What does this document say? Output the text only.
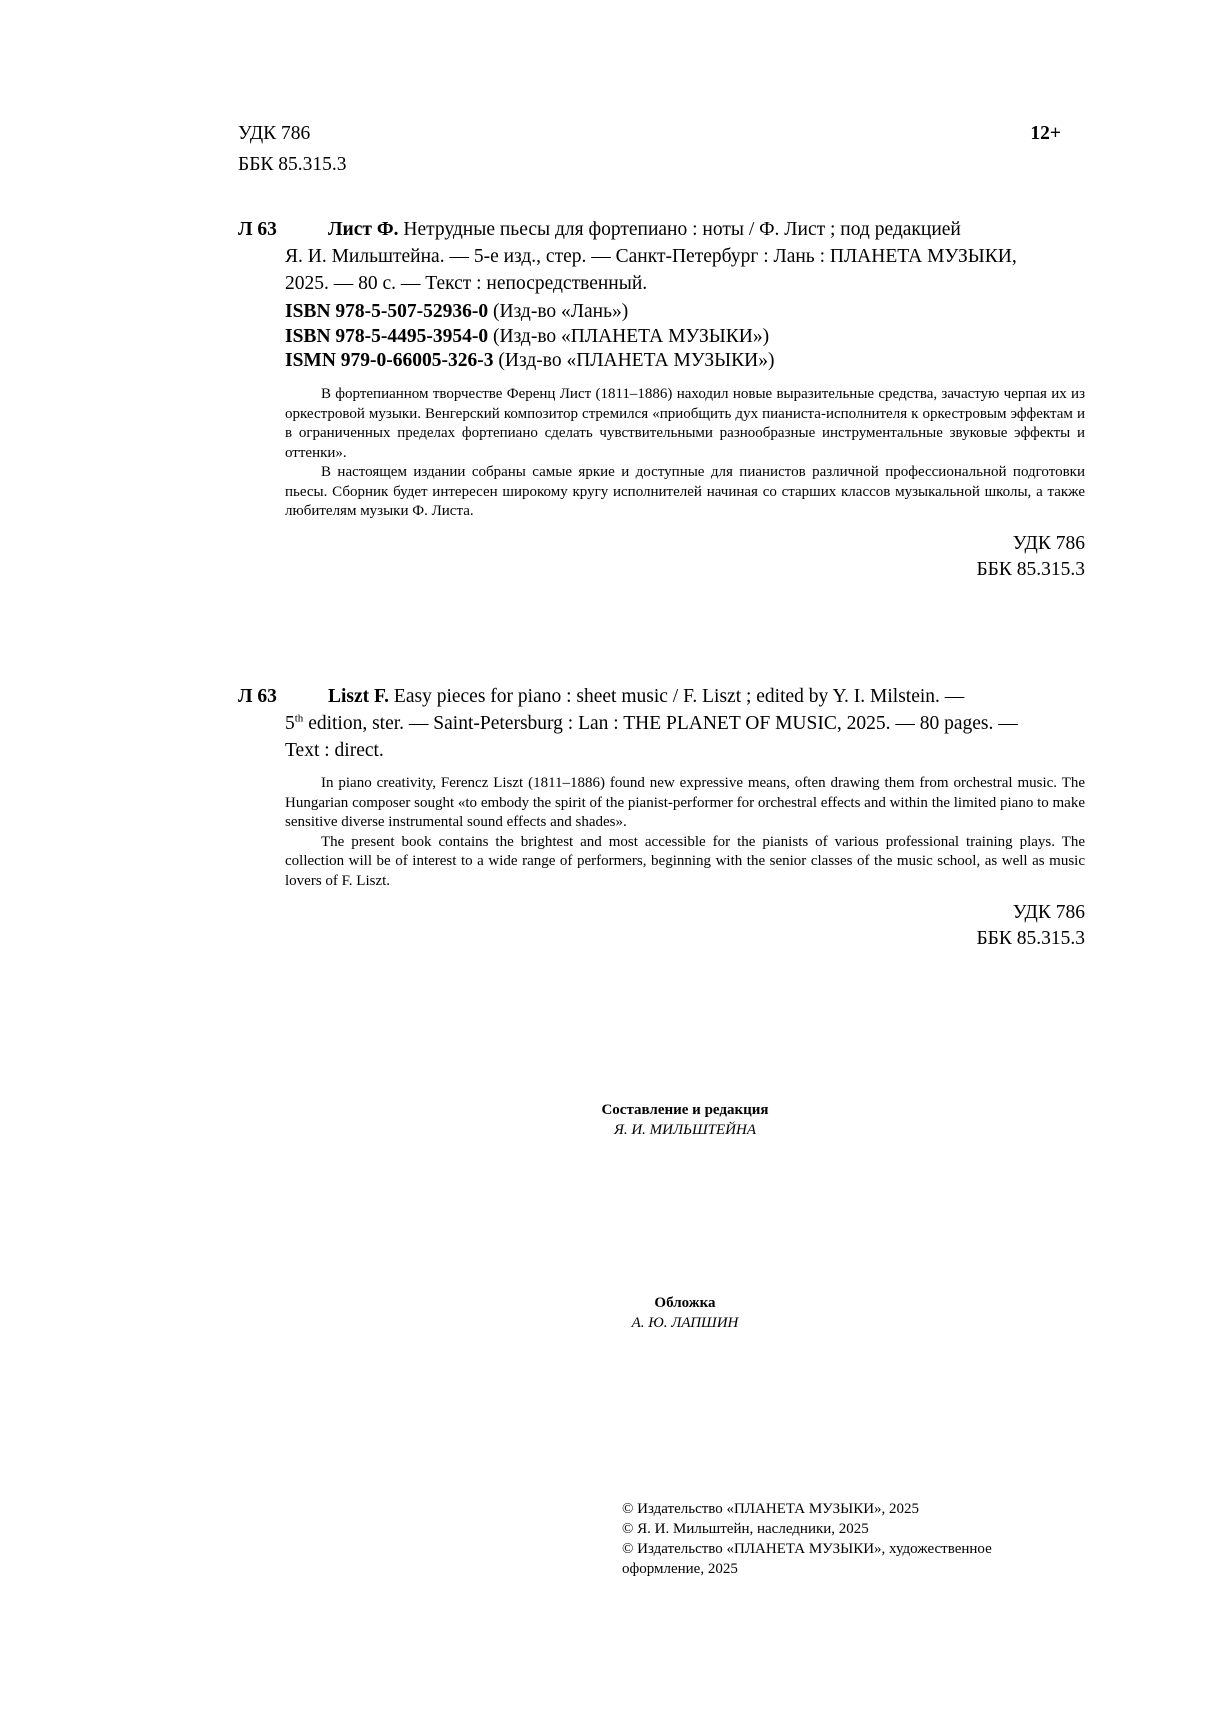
УДК 786
ББК 85.315.3
12+
Л 63	Лист Ф. Нетрудные пьесы для фортепиано : ноты / Ф. Лист ; под редакцией
Я. И. Мильштейна. — 5-е изд., стер. — Санкт-Петербург : Лань : ПЛАНЕТА МУЗЫКИ,
2025. — 80 с. — Текст : непосредственный.
ISBN 978-5-507-52936-0 (Изд-во «Лань»)
ISBN 978-5-4495-3954-0 (Изд-во «ПЛАНЕТА МУЗЫКИ»)
ISMN 979-0-66005-326-3 (Изд-во «ПЛАНЕТА МУЗЫКИ»)

В фортепианном творчестве Ференц Лист (1811–1886) находил новые выразительные средства, зачастую черпая их из оркестровой музыки. Венгерский композитор стремился «приобщить дух пианиста-исполнителя к оркестровым эффектам и в ограниченных пределах фортепиано сделать чувствительными разнообразные инструментальные звуковые эффекты и оттенки».

В настоящем издании собраны самые яркие и доступные для пианистов различной профессиональной подготовки пьесы. Сборник будет интересен широкому кругу исполнителей начиная со старших классов музыкальной школы, а также любителям музыки Ф. Листа.

УДК 786
ББК 85.315.3
Л 63	Liszt F. Easy pieces for piano : sheet music / F. Liszt ; edited by Y. I. Milstein. —
5th edition, ster. — Saint-Petersburg : Lan : THE PLANET OF MUSIC, 2025. — 80 pages. —
Text : direct.

In piano creativity, Ferencz Liszt (1811–1886) found new expressive means, often drawing them from orchestral music. The Hungarian composer sought «to embody the spirit of the pianist-performer for orchestral effects and within the limited piano to make sensitive diverse instrumental sound effects and shades».

The present book contains the brightest and most accessible for the pianists of various professional training plays. The collection will be of interest to a wide range of performers, beginning with the senior classes of the music school, as well as music lovers of F. Liszt.

УДК 786
ББК 85.315.3
Составление и редакция
Я. И. МИЛЬШТЕЙНА
Обложка
А. Ю. ЛАПШИН
© Издательство «ПЛАНЕТА МУЗЫКИ», 2025
© Я. И. Мильштейн, наследники, 2025
© Издательство «ПЛАНЕТА МУЗЫКИ», художественное
оформление, 2025
